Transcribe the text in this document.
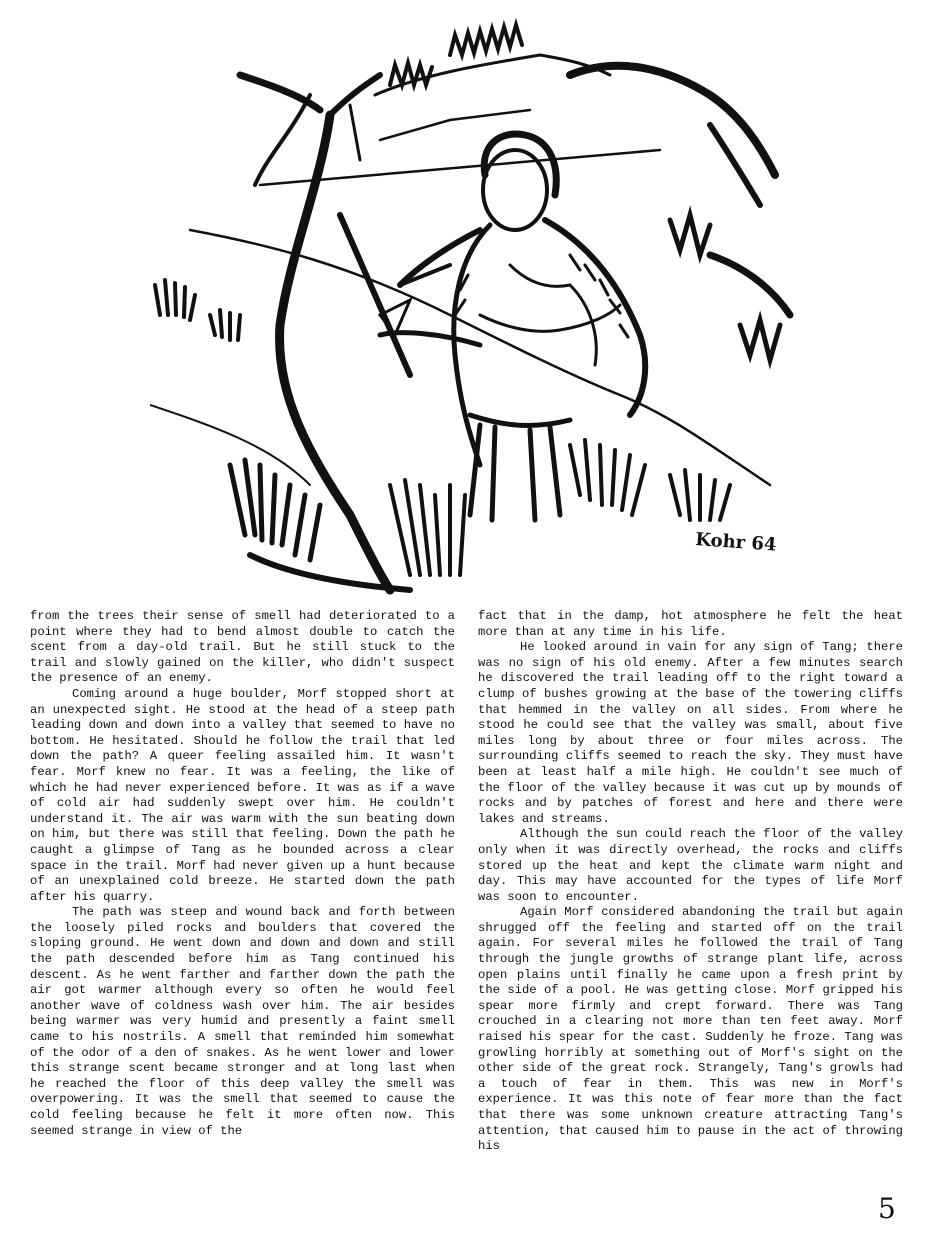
Kohr 64

from the trees their sense of smell had deteriorated to a point where they had to bend almost double to catch the scent from a day-old trail. But he still stuck to the trail and slowly gained on the killer, who didn't suspect the presence of an enemy.

Coming around a huge boulder, Morf stopped short at an unexpected sight. He stood at the head of a steep path leading down and down into a valley that seemed to have no bottom. He hesitated. Should he follow the trail that led down the path? A queer feeling assailed him. It wasn't fear. Morf knew no fear. It was a feeling, the like of which he had never experienced before. It was as if a wave of cold air had suddenly swept over him. He couldn't understand it. The air was warm with the sun beating down on him, but there was still that feeling. Down the path he caught a glimpse of Tang as he bounded across a clear space in the trail. Morf had never given up a hunt because of an unexplained cold breeze. He started down the path after his quarry.

The path was steep and wound back and forth between the loosely piled rocks and boulders that covered the sloping ground. He went down and down and down and still the path descended before him as Tang continued his descent. As he went farther and farther down the path the air got warmer although every so often he would feel another wave of coldness wash over him. The air besides being warmer was very humid and presently a faint smell came to his nostrils. A smell that reminded him somewhat of the odor of a den of snakes. As he went lower and lower this strange scent became stronger and at long last when he reached the floor of this deep valley the smell was overpowering. It was the smell that seemed to cause the cold feeling because he felt it more often now. This seemed strange in view of the

fact that in the damp, hot atmosphere he felt the heat more than at any time in his life.

He looked around in vain for any sign of Tang; there was no sign of his old enemy. After a few minutes search he discovered the trail leading off to the right toward a clump of bushes growing at the base of the towering cliffs that hemmed in the valley on all sides. From where he stood he could see that the valley was small, about five miles long by about three or four miles across. The surrounding cliffs seemed to reach the sky. They must have been at least half a mile high. He couldn't see much of the floor of the valley because it was cut up by mounds of rocks and by patches of forest and here and there were lakes and streams.

Although the sun could reach the floor of the valley only when it was directly overhead, the rocks and cliffs stored up the heat and kept the climate warm night and day. This may have accounted for the types of life Morf was soon to encounter.

Again Morf considered abandoning the trail but again shrugged off the feeling and started off on the trail again. For several miles he followed the trail of Tang through the jungle growths of strange plant life, across open plains until finally he came upon a fresh print by the side of a pool. He was getting close. Morf gripped his spear more firmly and crept forward. There was Tang crouched in a clearing not more than ten feet away. Morf raised his spear for the cast. Suddenly he froze. Tang was growling horribly at something out of Morf's sight on the other side of the great rock. Strangely, Tang's growls had a touch of fear in them. This was new in Morf's experience. It was this note of fear more than the fact that there was some unknown creature attracting Tang's attention, that caused him to pause in the act of throwing his

5
